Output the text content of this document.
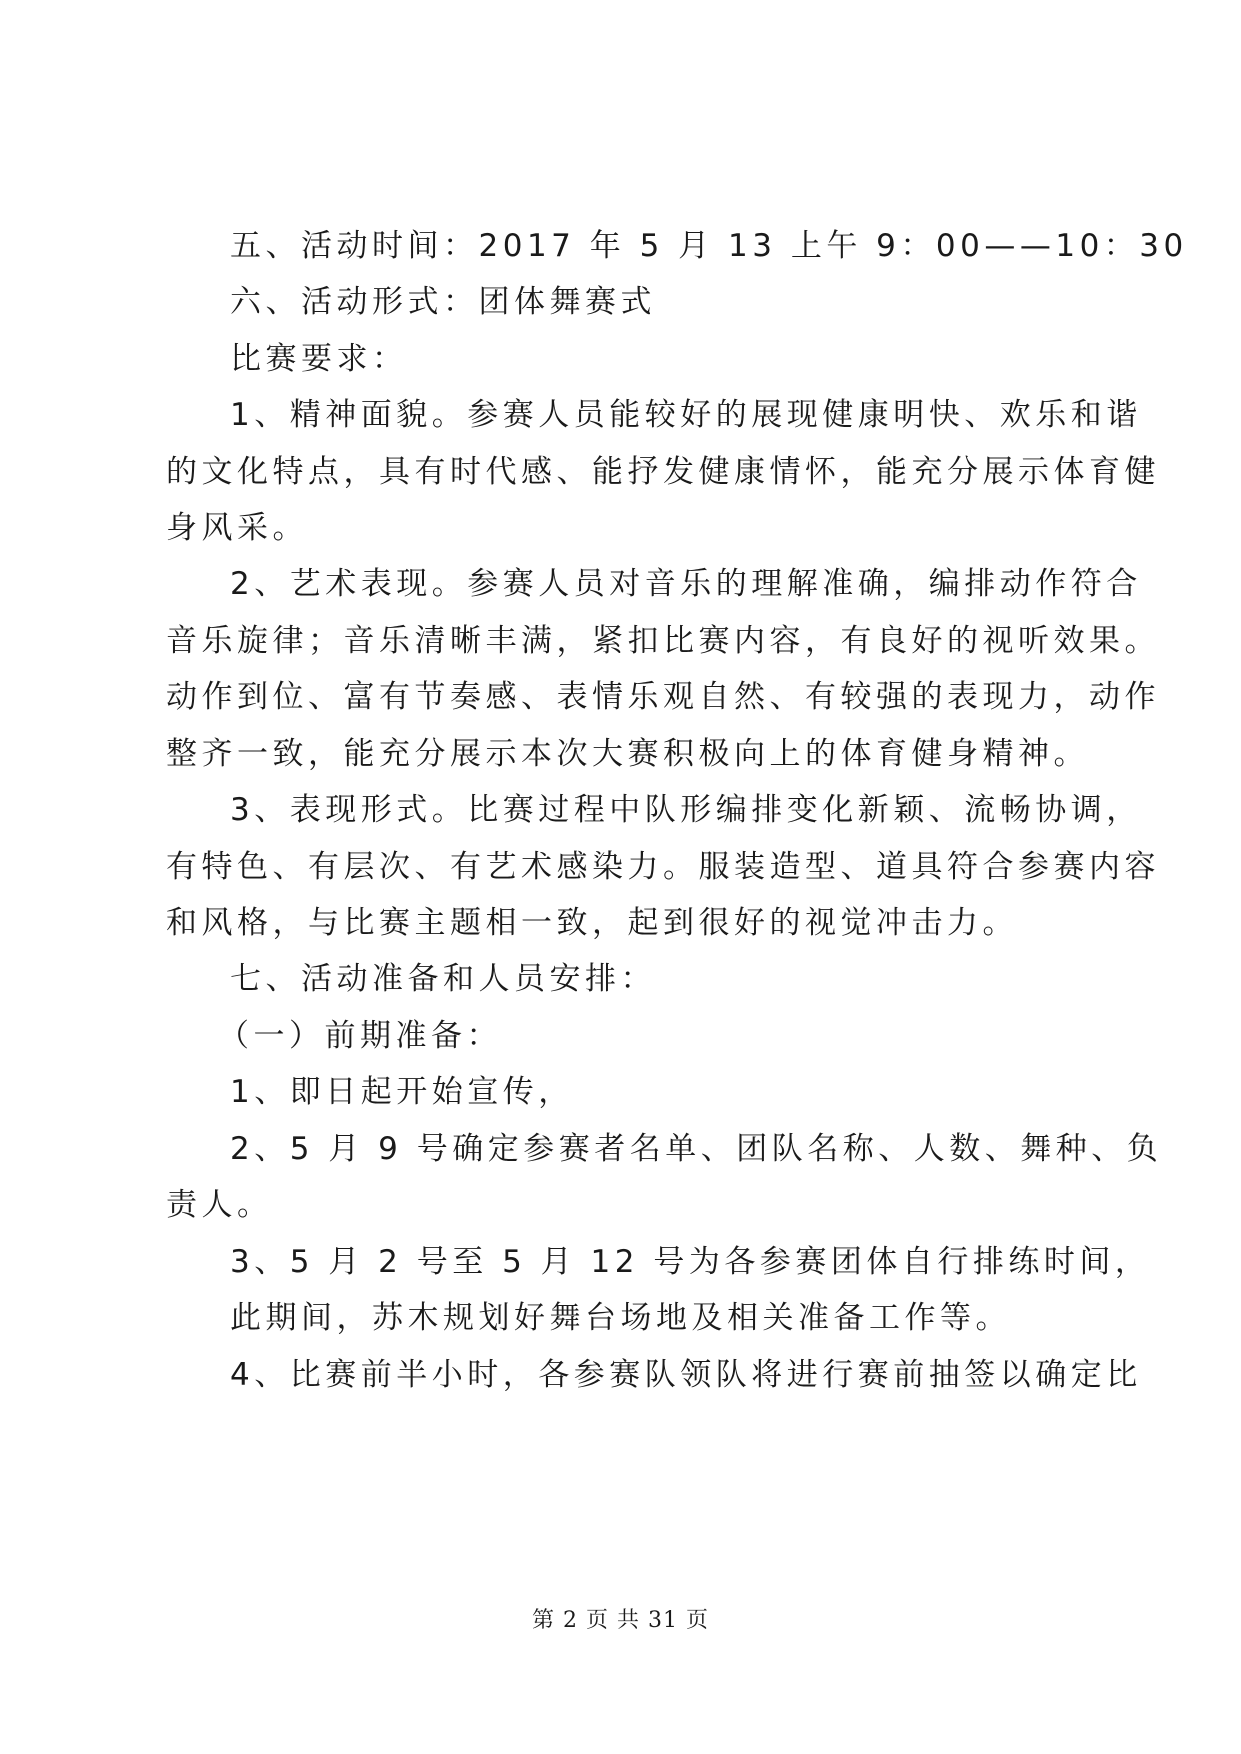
五、活动时间：2017 年 5 月 13 上午 9：00——10：30
六、活动形式：团体舞赛式
比赛要求：
1、精神面貌。参赛人员能较好的展现健康明快、欢乐和谐
的文化特点，具有时代感、能抒发健康情怀，能充分展示体育健
身风采。
2、艺术表现。参赛人员对音乐的理解准确，编排动作符合
音乐旋律；音乐清晰丰满，紧扣比赛内容，有良好的视听效果。
动作到位、富有节奏感、表情乐观自然、有较强的表现力，动作
整齐一致，能充分展示本次大赛积极向上的体育健身精神。
3、表现形式。比赛过程中队形编排变化新颖、流畅协调，
有特色、有层次、有艺术感染力。服装造型、道具符合参赛内容
和风格，与比赛主题相一致，起到很好的视觉冲击力。
七、活动准备和人员安排：
（一）前期准备：
1、即日起开始宣传，
2、5 月 9 号确定参赛者名单、团队名称、人数、舞种、负
责人。
3、5 月 2 号至 5 月 12 号为各参赛团体自行排练时间，
此期间，苏木规划好舞台场地及相关准备工作等。
4、比赛前半小时，各参赛队领队将进行赛前抽签以确定比
第 2 页 共 31 页
